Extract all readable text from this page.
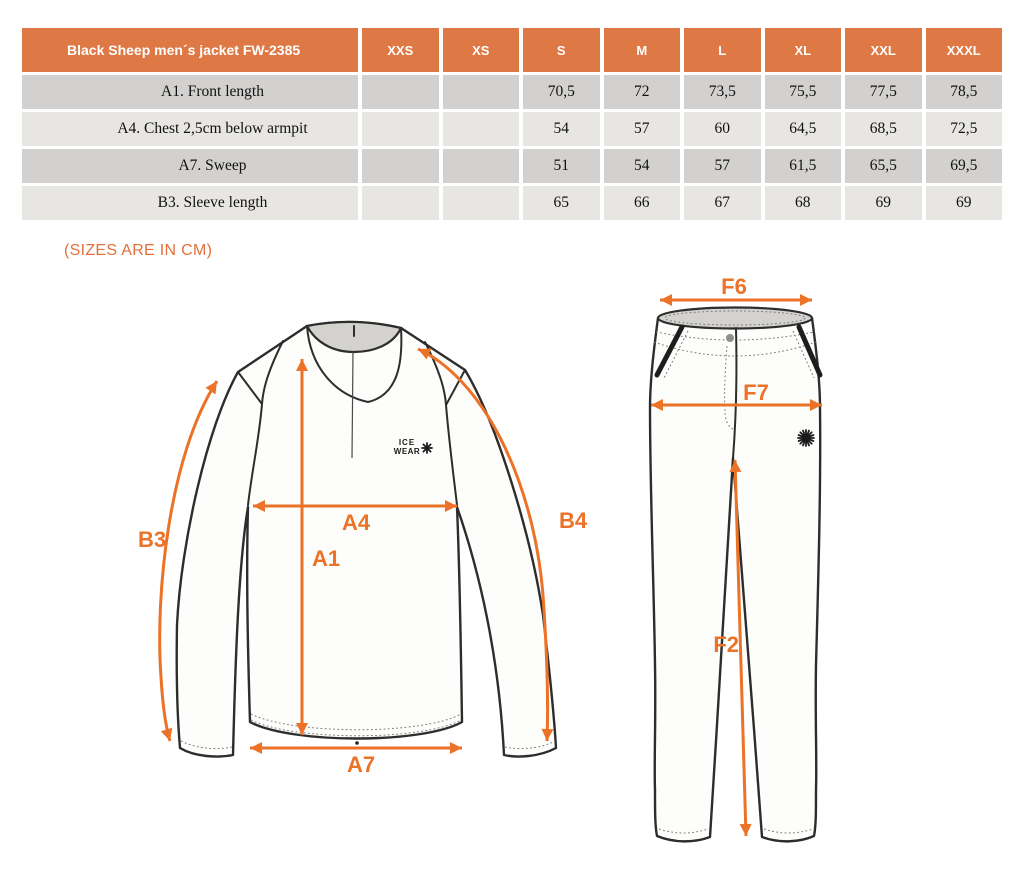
Black Sheep men´s jacket FW-2385	XXS	XS	S	M	L	XL	XXL	XXXL
A1. Front length			70,5	72	73,5	75,5	77,5	78,5
A4. Chest 2,5cm below armpit			54	57	60	64,5	68,5	72,5
A7. Sweep			51	54	57	61,5	65,5	69,5
B3. Sleeve length			65	66	67	68	69	69
(SIZES ARE IN CM)
ICE
WEAR
B3
B4
A4
A1
A7
F6
F7
F2
